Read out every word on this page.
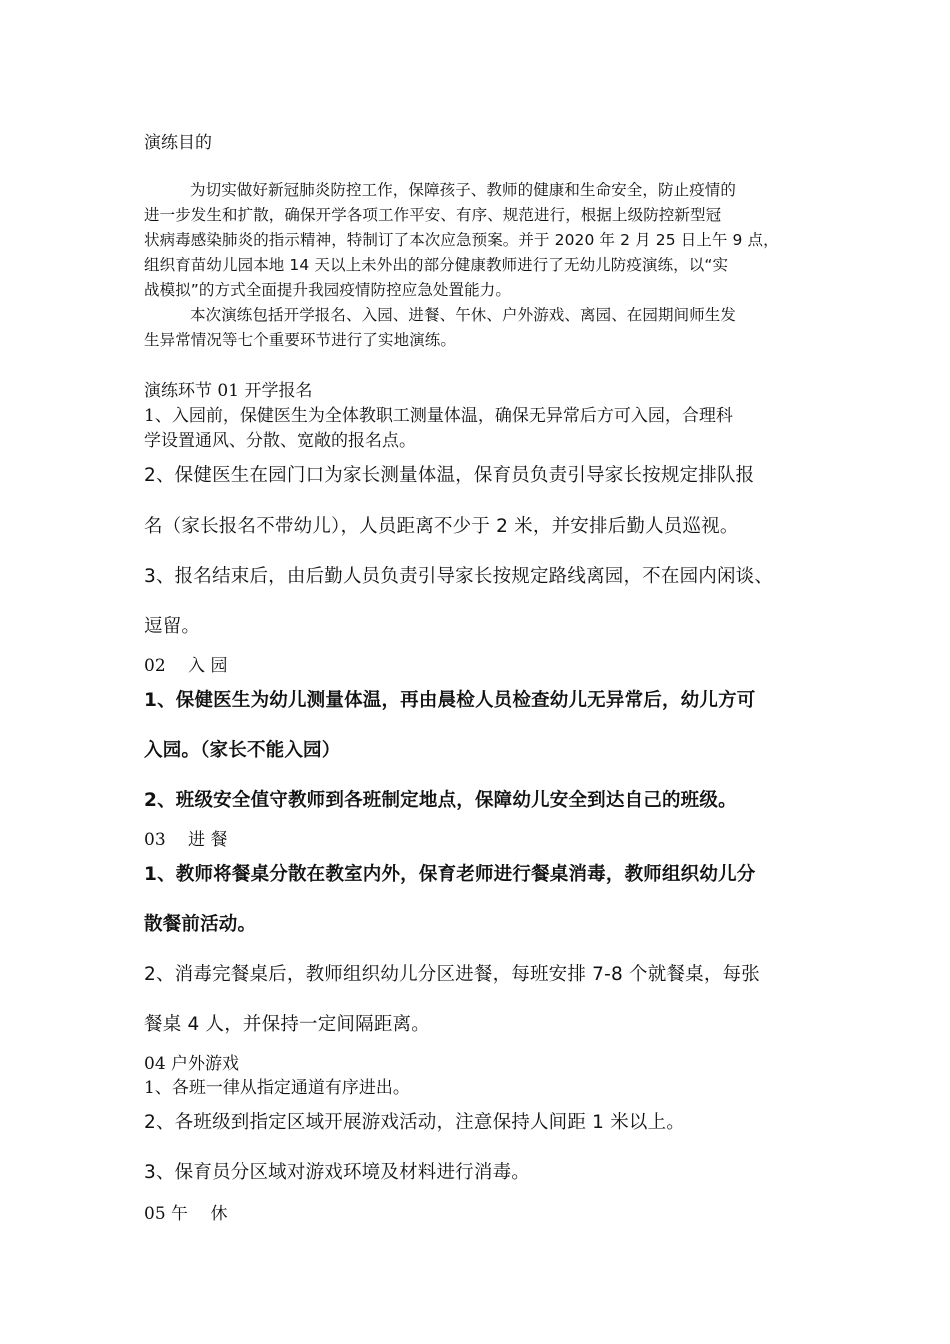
演练目的
为切实做好新冠肺炎防控工作，保障孩子、教师的健康和生命安全，防止疫情的
进一步发生和扩散，确保开学各项工作平安、有序、规范进行，根据上级防控新型冠
状病毒感染肺炎的指示精神，特制订了本次应急预案。并于 2020 年 2 月 25 日上午 9 点，
组织育苗幼儿园本地 14 天以上未外出的部分健康教师进行了无幼儿防疫演练，以“实
战模拟”的方式全面提升我园疫情防控应急处置能力。
本次演练包括开学报名、入园、进餐、午休、户外游戏、离园、在园期间师生发
生异常情况等七个重要环节进行了实地演练。
演练环节 01 开学报名
1、入园前，保健医生为全体教职工测量体温，确保无异常后方可入园，合理科
学设置通风、分散、宽敞的报名点。
2、保健医生在园门口为家长测量体温，保育员负责引导家长按规定排队报
名（家长报名不带幼儿），人员距离不少于 2 米，并安排后勤人员巡视。
3、报名结束后，由后勤人员负责引导家长按规定路线离园，不在园内闲谈、
逗留。
02　 入 园
1、保健医生为幼儿测量体温，再由晨检人员检查幼儿无异常后，幼儿方可
入园。（家长不能入园）
2、班级安全值守教师到各班制定地点，保障幼儿安全到达自己的班级。
03　 进 餐
1、教师将餐桌分散在教室内外，保育老师进行餐桌消毒，教师组织幼儿分
散餐前活动。
2、消毒完餐桌后，教师组织幼儿分区进餐，每班安排 7-8 个就餐桌，每张
餐桌 4 人，并保持一定间隔距离。
04 户外游戏
1、各班一律从指定通道有序进出。
2、各班级到指定区域开展游戏活动，注意保持人间距 1 米以上。
3、保育员分区域对游戏环境及材料进行消毒。
05 午　 休
